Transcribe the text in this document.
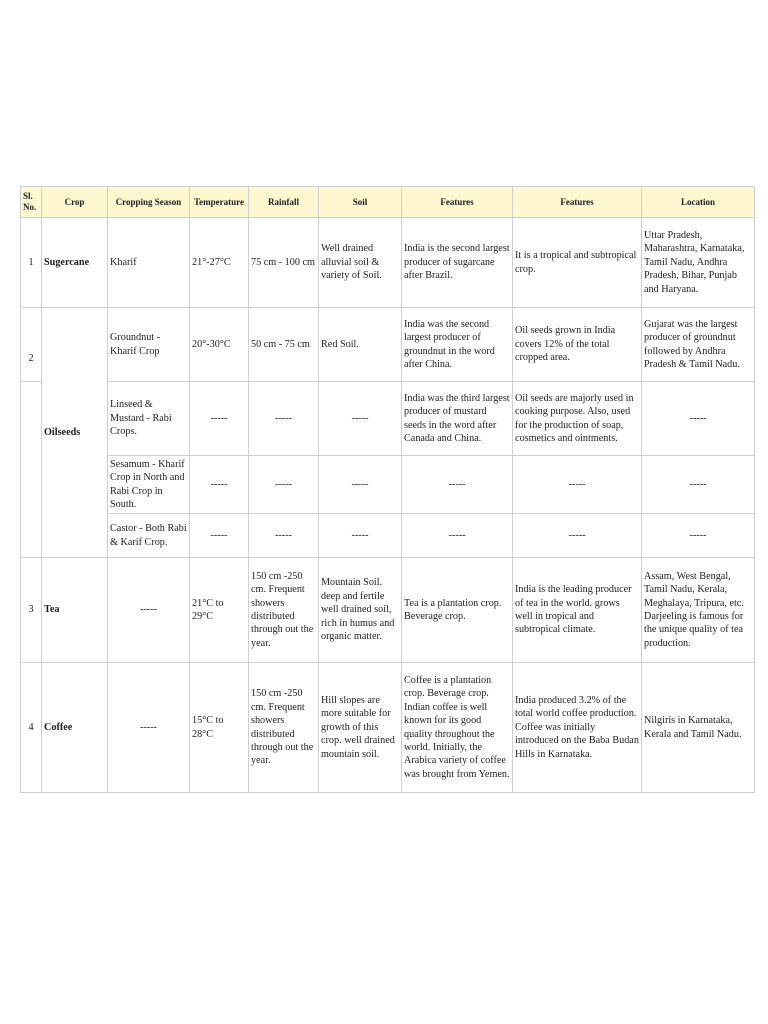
Sl. No.	Crop	Cropping Season	Temperature	Rainfall	Soil	Features	Features	Location
1	Sugercane	Kharif	21°-27°C	75 cm - 100 cm	Well drained alluvial soil & variety of Soil.	India is the second largest producer of sugarcane after Brazil.	It is a tropical and subtropical crop.	Uttar Pradesh, Maharashtra, Karnataka, Tamil Nadu, Andhra Pradesh, Bihar, Punjab and Haryana.
2	Oilseeds	Groundnut - Kharif Crop	20°-30°C	50 cm - 75 cm	Red Soil.	India was the second largest producer of groundnut in the word after China.	Oil seeds grown in India covers 12% of the total cropped area.	Gujarat was the largest producer of groundnut followed by Andhra Pradesh & Tamil Nadu.
		Linseed & Mustard - Rabi Crops.	-----	-----	-----	India was the third largest producer of mustard seeds in the word after Canada and China.	Oil seeds are majorly used in cooking purpose. Also, used for the production of soap, cosmetics and ointments.	-----
		Sesamum - Kharif Crop in North and Rabi Crop in South.	-----	-----	-----	-----	-----	-----
		Castor - Both Rabi & Karif Crop.	-----	-----	-----	-----	-----	-----
3	Tea	-----	21°C to 29°C	150 cm -250 cm. Frequent showers distributed through out the year.	Mountain Soil. deep and fertile well drained soil, rich in humus and organic matter.	Tea is a plantation crop. Beverage crop.	India is the leading producer of tea in the world. grows well in tropical and subtropical climate.	Assam, West Bengal, Tamil Nadu, Kerala, Meghalaya, Tripura, etc. Darjeeling is famous for the unique quality of tea production.
4	Coffee	-----	15°C to 28°C	150 cm -250 cm. Frequent showers distributed through out the year.	Hill slopes are more suitable for growth of this crop. well drained mountain soil.	Coffee is a plantation crop. Beverage crop. Indian coffee is well known for its good quality throughout the world. Initially, the Arabica variety of coffee was brought from Yemen.	India produced 3.2% of the total world coffee production. Coffee was initially introduced on the Baba Budan Hills in Karnataka.	Nilgiris in Karnataka, Kerala and Tamil Nadu.
